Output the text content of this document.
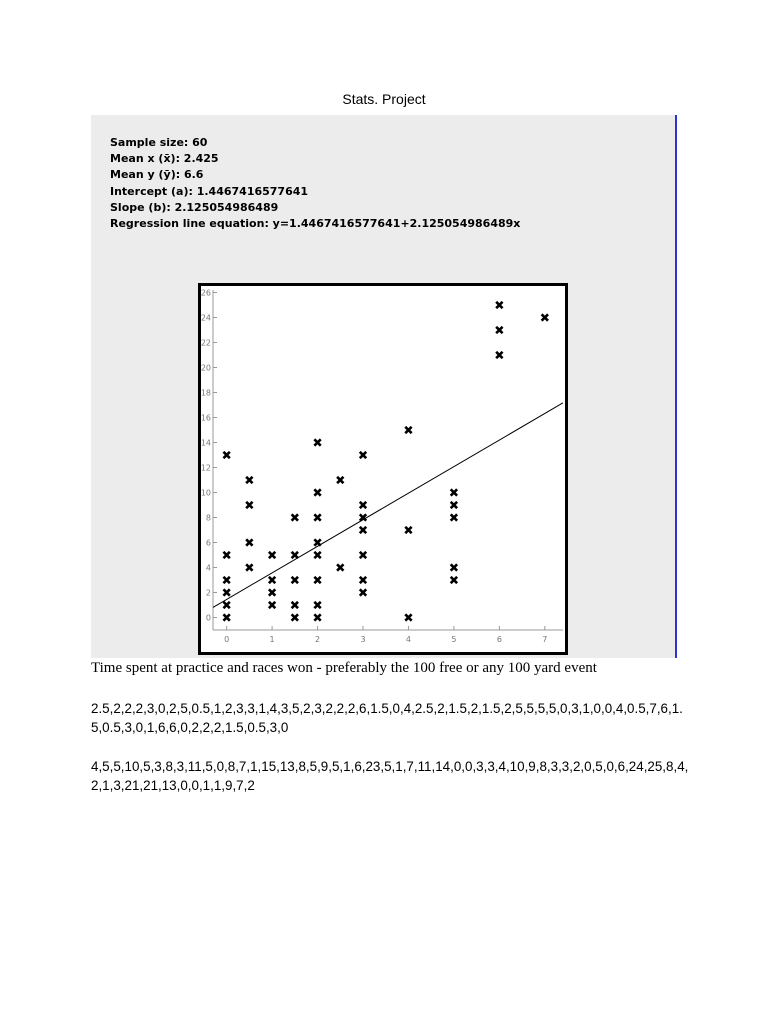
Stats. Project
Sample size: 60
Mean x (x̄): 2.425
Mean y (ȳ): 6.6
Intercept (a): 1.4467416577641
Slope (b): 2.125054986489
Regression line equation: y=1.4467416577641+2.125054986489x
0
2
4
6
8
10
12
14
16
18
20
22
24
26
0	1	2	3	4	5	6	7
Time spent at practice and races won - preferably the 100 free or any 100 yard event
2.5,2,2,2,3,0,2,5,0.5,1,2,3,3,1,4,3,5,2,3,2,2,2,6,1.5,0,4,2.5,2,1.5,2,1.5,2,5,5,5,5,0,3,1,0,0,4,0.5,7,6,1.5,0.5,3,0,1,6,6,0,2,2,2,1.5,0.5,3,0
4,5,5,10,5,3,8,3,11,5,0,8,7,1,15,13,8,5,9,5,1,6,23,5,1,7,11,14,0,0,3,3,4,10,9,8,3,3,2,0,5,0,6,24,25,8,4,2,1,3,21,21,13,0,0,1,1,9,7,2
